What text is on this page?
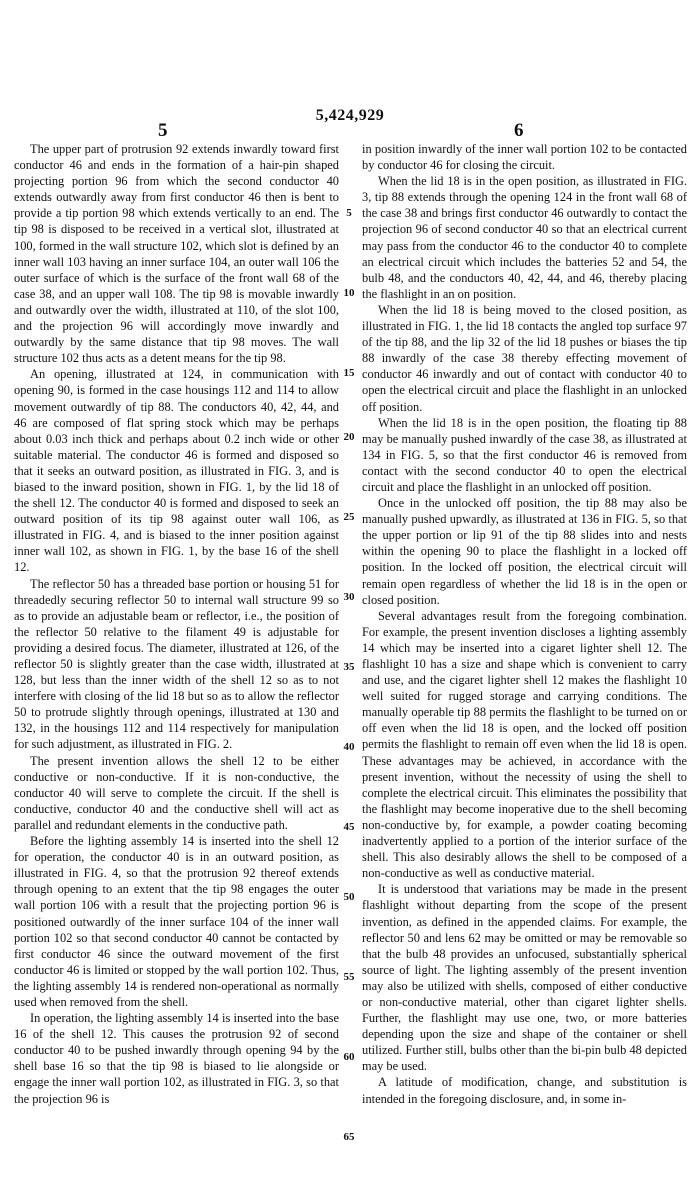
5,424,929
5	6

The upper part of protrusion 92 extends inwardly toward first conductor 46 and ends in the formation of a hair-pin shaped projecting portion 96 from which the second conductor 40 extends outwardly away from first conductor 46 then is bent to provide a tip portion 98 which extends vertically to an end. The tip 98 is disposed to be received in a vertical slot, illustrated at 100, formed in the wall structure 102, which slot is defined by an inner wall 103 having an inner surface 104, an outer wall 106 the outer surface of which is the surface of the front wall 68 of the case 38, and an upper wall 108. The tip 98 is movable inwardly and outwardly over the width, illustrated at 110, of the slot 100, and the projection 96 will accordingly move inwardly and outwardly by the same distance that tip 98 moves. The wall structure 102 thus acts as a detent means for the tip 98.

An opening, illustrated at 124, in communication with opening 90, is formed in the case housings 112 and 114 to allow movement outwardly of tip 88. The conductors 40, 42, 44, and 46 are composed of flat spring stock which may be perhaps about 0.03 inch thick and perhaps about 0.2 inch wide or other suitable material. The conductor 46 is formed and disposed so that it seeks an outward position, as illustrated in FIG. 3, and is biased to the inward position, shown in FIG. 1, by the lid 18 of the shell 12. The conductor 40 is formed and disposed to seek an outward position of its tip 98 against outer wall 106, as illustrated in FIG. 4, and is biased to the inner position against inner wall 102, as shown in FIG. 1, by the base 16 of the shell 12.

The reflector 50 has a threaded base portion or housing 51 for threadedly securing reflector 50 to internal wall structure 99 so as to provide an adjustable beam or reflector, i.e., the position of the reflector 50 relative to the filament 49 is adjustable for providing a desired focus. The diameter, illustrated at 126, of the reflector 50 is slightly greater than the case width, illustrated at 128, but less than the inner width of the shell 12 so as to not interfere with closing of the lid 18 but so as to allow the reflector 50 to protrude slightly through openings, illustrated at 130 and 132, in the housings 112 and 114 respectively for manipulation for such adjustment, as illustrated in FIG. 2.

The present invention allows the shell 12 to be either conductive or non-conductive. If it is non-conductive, the conductor 40 will serve to complete the circuit. If the shell is conductive, conductor 40 and the conductive shell will act as parallel and redundant elements in the conductive path.

Before the lighting assembly 14 is inserted into the shell 12 for operation, the conductor 40 is in an outward position, as illustrated in FIG. 4, so that the protrusion 92 thereof extends through opening to an extent that the tip 98 engages the outer wall portion 106 with a result that the projecting portion 96 is positioned outwardly of the inner surface 104 of the inner wall portion 102 so that second conductor 40 cannot be contacted by first conductor 46 since the outward movement of the first conductor 46 is limited or stopped by the wall portion 102. Thus, the lighting assembly 14 is rendered non-operational as normally used when removed from the shell.

In operation, the lighting assembly 14 is inserted into the base 16 of the shell 12. This causes the protrusion 92 of second conductor 40 to be pushed inwardly through opening 94 by the shell base 16 so that the tip 98 is biased to lie alongside or engage the inner wall portion 102, as illustrated in FIG. 3, so that the projection 96 is

in position inwardly of the inner wall portion 102 to be contacted by conductor 46 for closing the circuit.

When the lid 18 is in the open position, as illustrated in FIG. 3, tip 88 extends through the opening 124 in the front wall 68 of the case 38 and brings first conductor 46 outwardly to contact the projection 96 of second conductor 40 so that an electrical current may pass from the conductor 46 to the conductor 40 to complete an electrical circuit which includes the batteries 52 and 54, the bulb 48, and the conductors 40, 42, 44, and 46, thereby placing the flashlight in an on position.

When the lid 18 is being moved to the closed position, as illustrated in FIG. 1, the lid 18 contacts the angled top surface 97 of the tip 88, and the lip 32 of the lid 18 pushes or biases the tip 88 inwardly of the case 38 thereby effecting movement of conductor 46 inwardly and out of contact with conductor 40 to open the electrical circuit and place the flashlight in an unlocked off position.

When the lid 18 is in the open position, the floating tip 88 may be manually pushed inwardly of the case 38, as illustrated at 134 in FIG. 5, so that the first conductor 46 is removed from contact with the second conductor 40 to open the electrical circuit and place the flashlight in an unlocked off position.

Once in the unlocked off position, the tip 88 may also be manually pushed upwardly, as illustrated at 136 in FIG. 5, so that the upper portion or lip 91 of the tip 88 slides into and nests within the opening 90 to place the flashlight in a locked off position. In the locked off position, the electrical circuit will remain open regardless of whether the lid 18 is in the open or closed position.

Several advantages result from the foregoing combination. For example, the present invention discloses a lighting assembly 14 which may be inserted into a cigaret lighter shell 12. The flashlight 10 has a size and shape which is convenient to carry and use, and the cigaret lighter shell 12 makes the flashlight 10 well suited for rugged storage and carrying conditions. The manually operable tip 88 permits the flashlight to be turned on or off even when the lid 18 is open, and the locked off position permits the flashlight to remain off even when the lid 18 is open. These advantages may be achieved, in accordance with the present invention, without the necessity of using the shell to complete the electrical circuit. This eliminates the possibility that the flashlight may become inoperative due to the shell becoming non-conductive by, for example, a powder coating becoming inadvertently applied to a portion of the interior surface of the shell. This also desirably allows the shell to be composed of a non-conductive as well as conductive material.

It is understood that variations may be made in the present flashlight without departing from the scope of the present invention, as defined in the appended claims. For example, the reflector 50 and lens 62 may be omitted or may be removable so that the bulb 48 provides an unfocused, substantially spherical source of light. The lighting assembly of the present invention may also be utilized with shells, composed of either conductive or non-conductive material, other than cigaret lighter shells. Further, the flashlight may use one, two, or more batteries depending upon the size and shape of the container or shell utilized. Further still, bulbs other than the bi-pin bulb 48 depicted may be used.

A latitude of modification, change, and substitution is intended in the foregoing disclosure, and, in some in-

5
10
15
20
25
30
35
40
45
50
55
60
65
